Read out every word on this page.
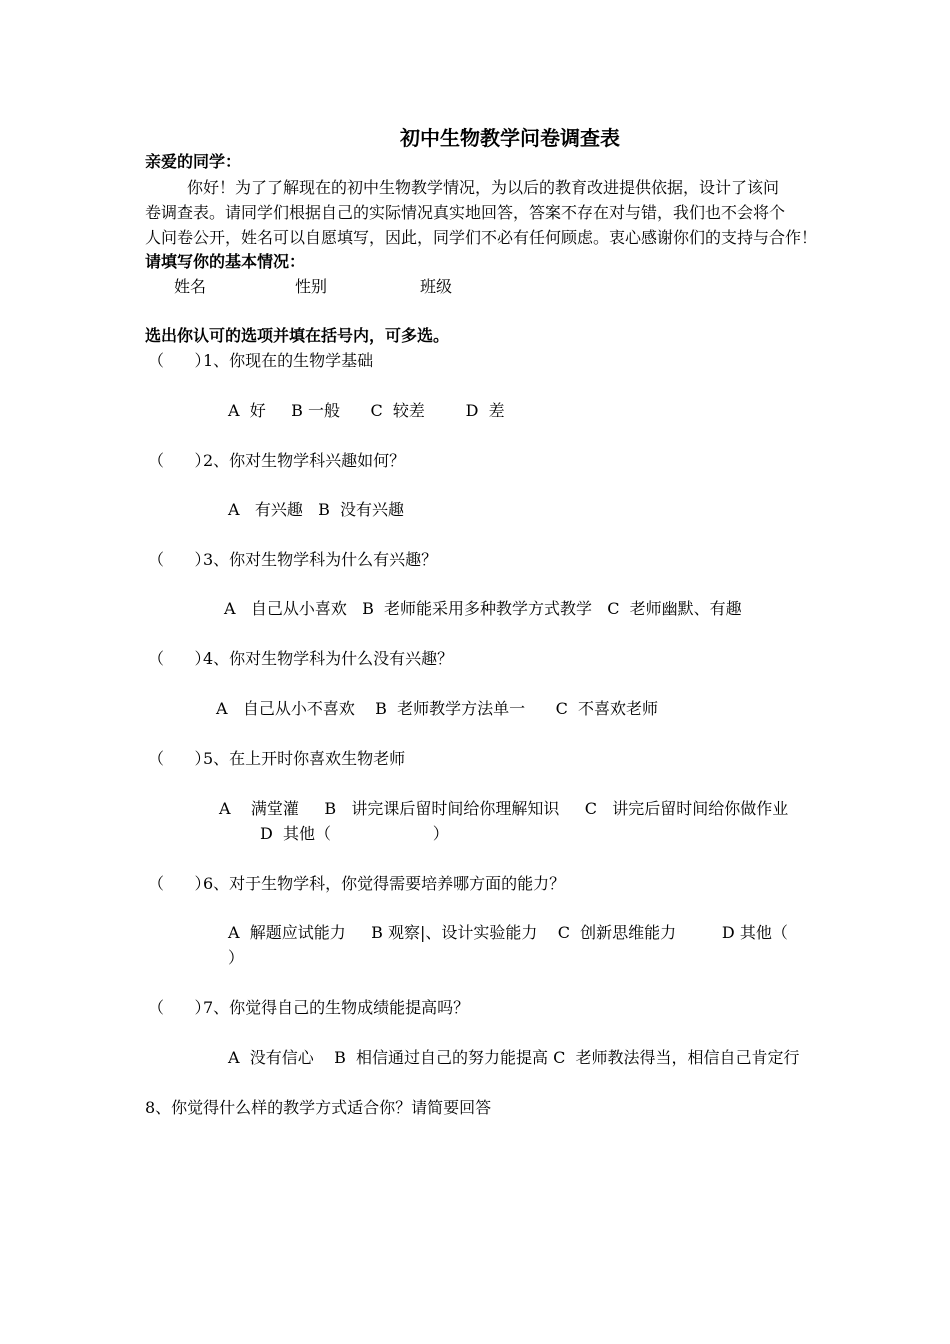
初中生物教学问卷调查表
亲爱的同学：
你好！为了了解现在的初中生物教学情况，为以后的教育改进提供依据，设计了该问
卷调查表。请同学们根据自己的实际情况真实地回答，答案不存在对与错，我们也不会将个
人问卷公开，姓名可以自愿填写，因此，同学们不必有任何顾虑。衷心感谢你们的支持与合作！
请填写你的基本情况：
姓名	性别	班级
选出你认可的选项并填在括号内，可多选。
（      ）
1、你现在的生物学基础
A  好     B 一般      C  较差        D  差
（      ）
2、你对生物学科兴趣如何？
A   有兴趣   B  没有兴趣
（      ）
3、你对生物学科为什么有兴趣？
A   自己从小喜欢   B  老师能采用多种教学方式教学   C  老师幽默、有趣
（      ）
4、你对生物学科为什么没有兴趣？
A   自己从小不喜欢    B  老师教学方法单一      C  不喜欢老师
（      ）
5、在上开时你喜欢生物老师
A    满堂灌     B   讲完课后留时间给你理解知识     C   讲完后留时间给你做作业
D  其他（                    ）
（      ）
6、对于生物学科，你觉得需要培养哪方面的能力？
A  解题应试能力     B 观察|、设计实验能力    C  创新思维能力         D 其他（
）
（      ）
7、你觉得自己的生物成绩能提高吗？
A  没有信心    B  相信通过自己的努力能提高 C  老师教法得当，相信自己肯定行
8、你觉得什么样的教学方式适合你？请简要回答
